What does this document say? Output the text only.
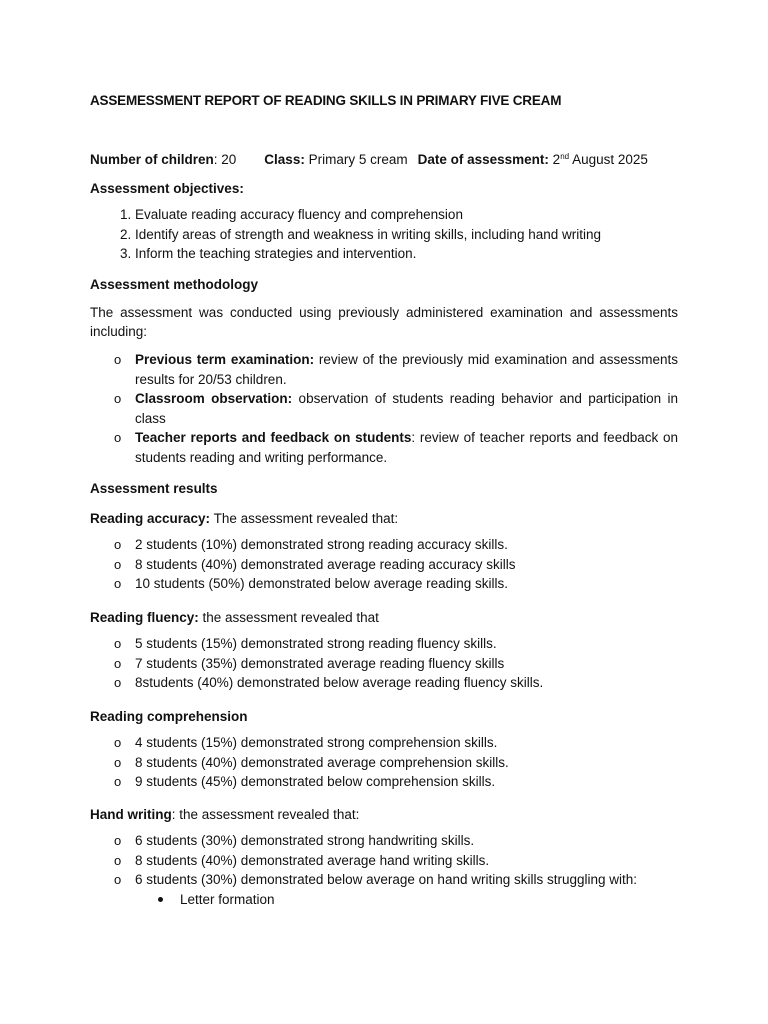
ASSEMESSMENT REPORT OF READING SKILLS IN PRIMARY FIVE CREAM
Number of children: 20 Class: Primary 5 cream Date of assessment: 2nd August 2025
Assessment objectives:
1. Evaluate reading accuracy fluency and comprehension
2. Identify areas of strength and weakness in writing skills, including hand writing
3. Inform the teaching strategies and intervention.
Assessment methodology
The assessment was conducted using previously administered examination and assessments including:
o Previous term examination: review of the previously mid examination and assessments results for 20/53 children.
o Classroom observation: observation of students reading behavior and participation in class
o Teacher reports and feedback on students: review of teacher reports and feedback on students reading and writing performance.
Assessment results
Reading accuracy: The assessment revealed that:
o 2 students (10%) demonstrated strong reading accuracy skills.
o 8 students (40%) demonstrated average reading accuracy skills
o 10 students (50%) demonstrated below average reading skills.
Reading fluency: the assessment revealed that
o 5 students (15%) demonstrated strong reading fluency skills.
o 7 students (35%) demonstrated average reading fluency skills
o 8students (40%) demonstrated below average reading fluency skills.
Reading comprehension
o 4 students (15%) demonstrated strong comprehension skills.
o 8 students (40%) demonstrated average comprehension skills.
o 9 students (45%) demonstrated below comprehension skills.
Hand writing: the assessment revealed that:
o 6 students (30%) demonstrated strong handwriting skills.
o 8 students (40%) demonstrated average hand writing skills.
o 6 students (30%) demonstrated below average on hand writing skills struggling with:
Letter formation
